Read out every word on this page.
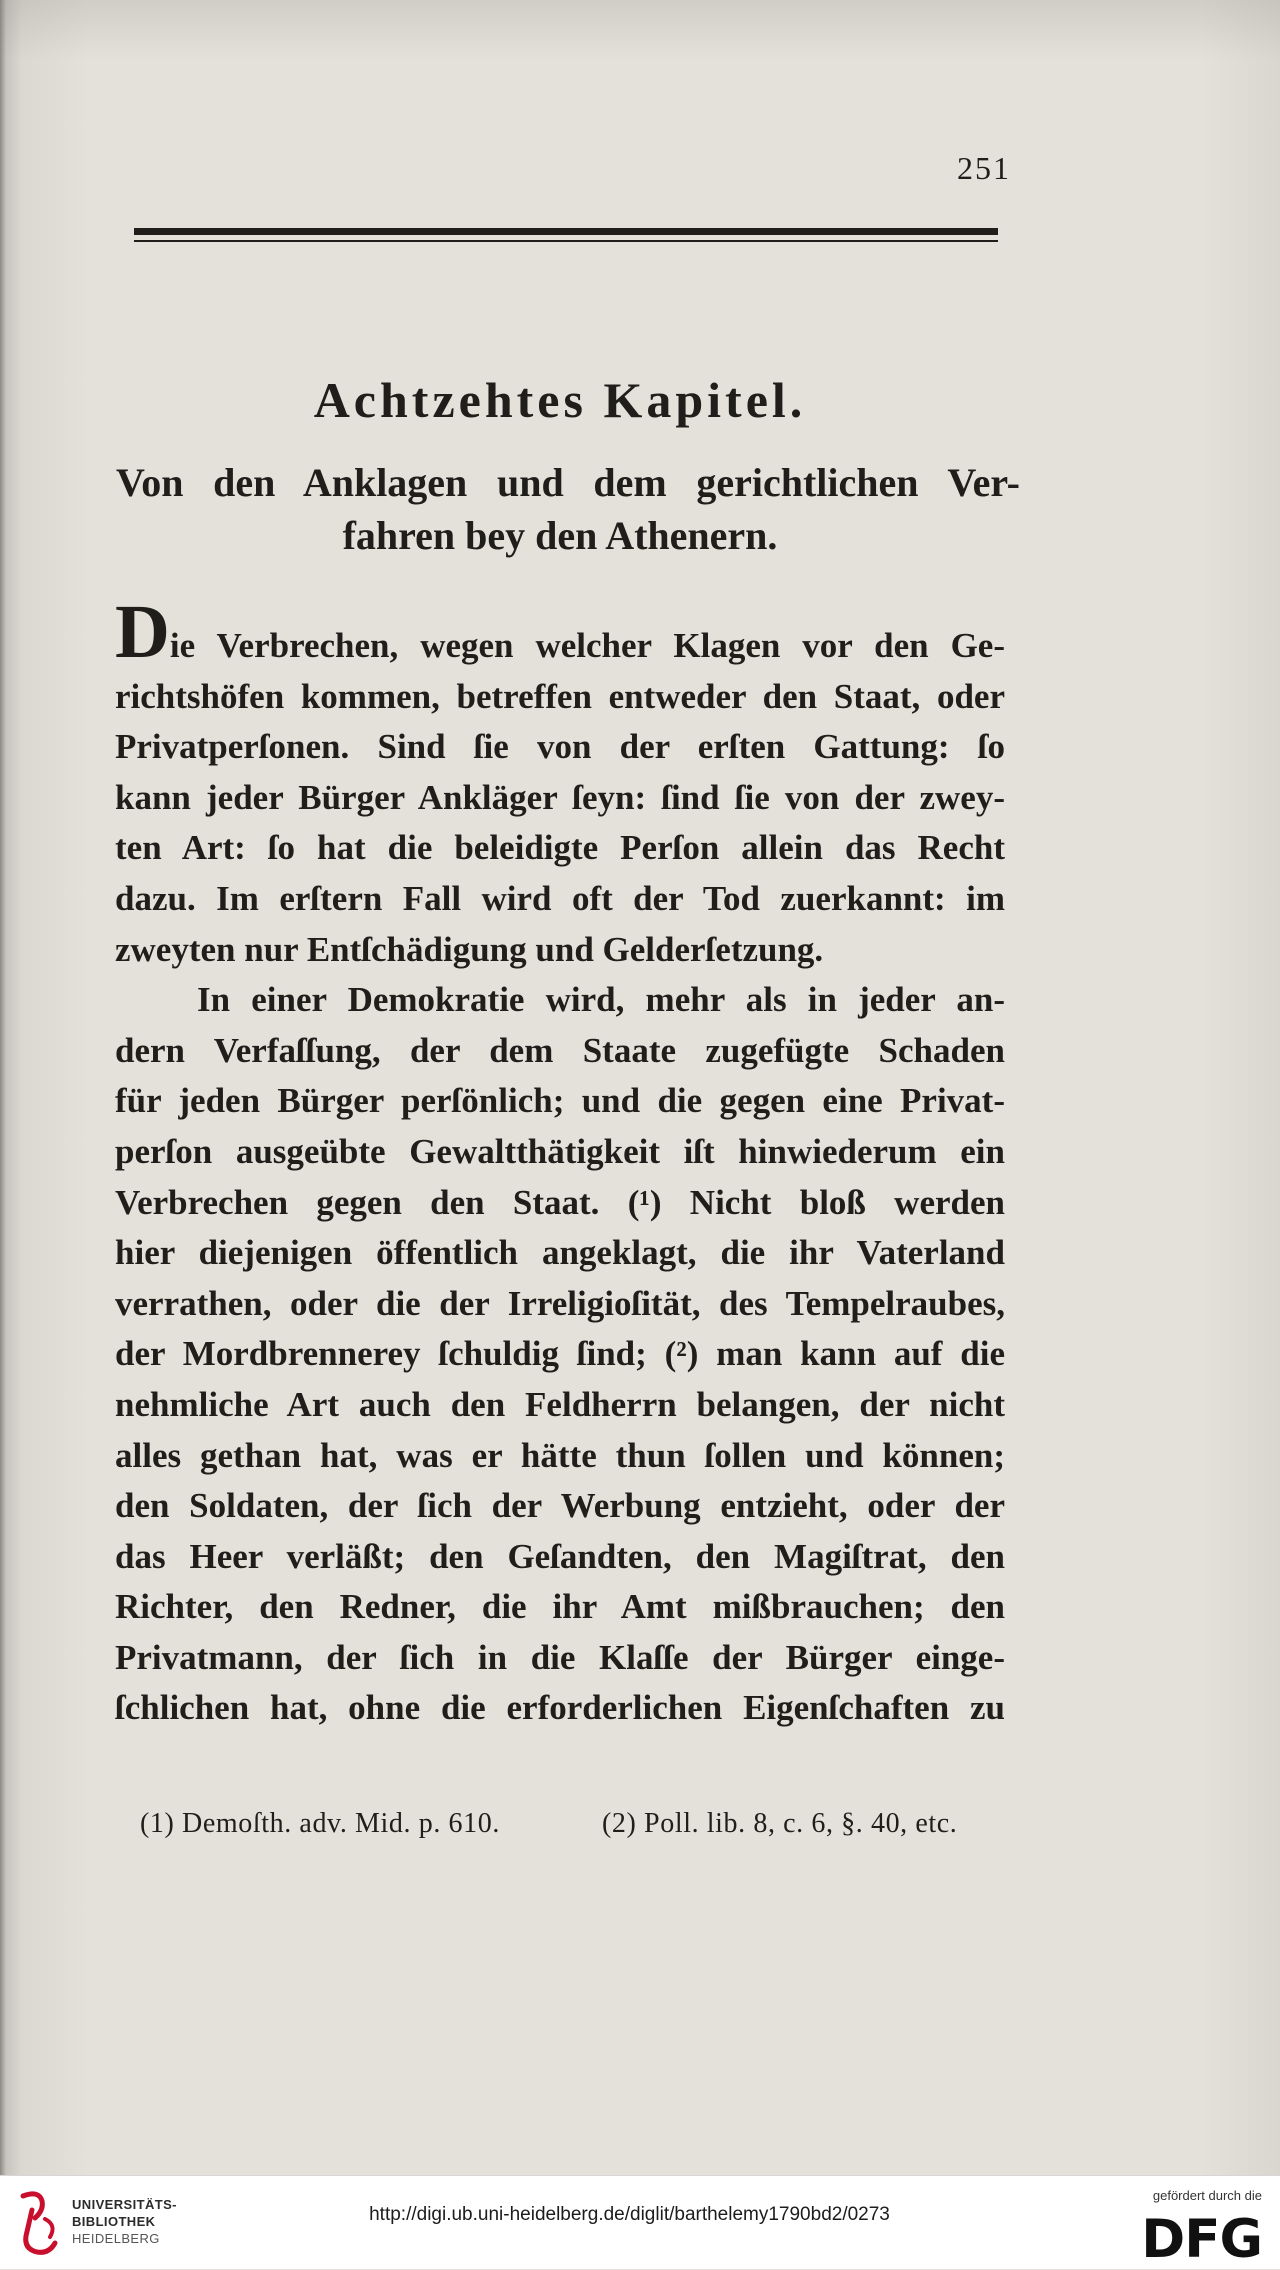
251
Achtzehtes Kapitel.
Von den Anklagen und dem gerichtlichen Ver-
fahren bey den Athenern.
Die Verbrechen, wegen welcher Klagen vor den Ge-
richtshöfen kommen, betreffen entweder den Staat, oder
Privatperſonen. Sind ſie von der erſten Gattung: ſo
kann jeder Bürger Ankläger ſeyn: ſind ſie von der zwey-
ten Art: ſo hat die beleidigte Perſon allein das Recht
dazu. Im erſtern Fall wird oft der Tod zuerkannt: im
zweyten nur Entſchädigung und Gelderſetzung.
In einer Demokratie wird, mehr als in jeder an-
dern Verfaſſung, der dem Staate zugefügte Schaden
für jeden Bürger perſönlich; und die gegen eine Privat-
perſon ausgeübte Gewaltthätigkeit iſt hinwiederum ein
Verbrechen gegen den Staat. (¹) Nicht bloß werden
hier diejenigen öffentlich angeklagt, die ihr Vaterland
verrathen, oder die der Irreligioſität, des Tempelraubes,
der Mordbrennerey ſchuldig ſind; (²) man kann auf die
nehmliche Art auch den Feldherrn belangen, der nicht
alles gethan hat, was er hätte thun ſollen und können;
den Soldaten, der ſich der Werbung entzieht, oder der
das Heer verläßt; den Geſandten, den Magiſtrat, den
Richter, den Redner, die ihr Amt mißbrauchen; den
Privatmann, der ſich in die Klaſſe der Bürger einge-
ſchlichen hat, ohne die erforderlichen Eigenſchaften zu
(1) Demoſth. adv. Mid. p. 610.	(2) Poll. lib. 8, c. 6, §. 40, etc.
UNIVERSITÄTS-
BIBLIOTHEK
HEIDELBERG
http://digi.ub.uni-heidelberg.de/diglit/barthelemy1790bd2/0273
gefördert durch die
DFG
